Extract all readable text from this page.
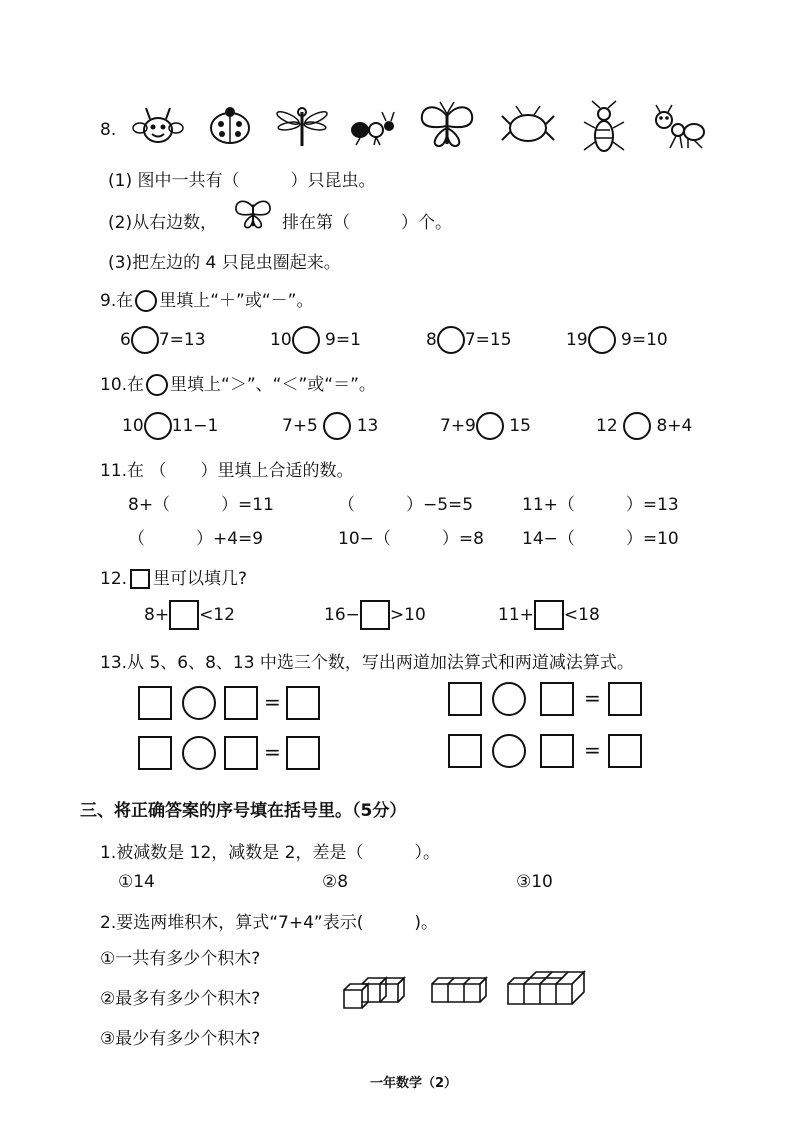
8.
(1) 图中一共有（　　　）只昆虫。
(2)从右边数，	排在第（　　　）个。
(3)把左边的 4 只昆虫圈起来。
9.在 里填上“＋”或“－”。
6 7=13	10 9=1	8 7=15	19 9=10
10.在 里填上“＞”、“＜”或“＝”。
10 11−1	7+5 13	7+9 15	12 8+4
11.在 （　　）里填上合适的数。
8+（　　　）=11	（　　　）−5=5	11+（　　　）=13
（　　　）+4=9	10−（　　　）=8 14−（　　　）=10
12. 里可以填几?
8+ <12	16− >10	11+ <18
13.从 5、6、8、13 中选三个数，写出两道加法算式和两道减法算式。
=	=
=	=
三、将正确答案的序号填在括号里。（5分）
1.被减数是 12，减数是 2，差是（　　　）。
①14	②8	③10
2.要选两堆积木，算式“7+4”表示(　　　)。
①一共有多少个积木?
②最多有多少个积木?
③最少有多少个积木?
一年数学（2）
